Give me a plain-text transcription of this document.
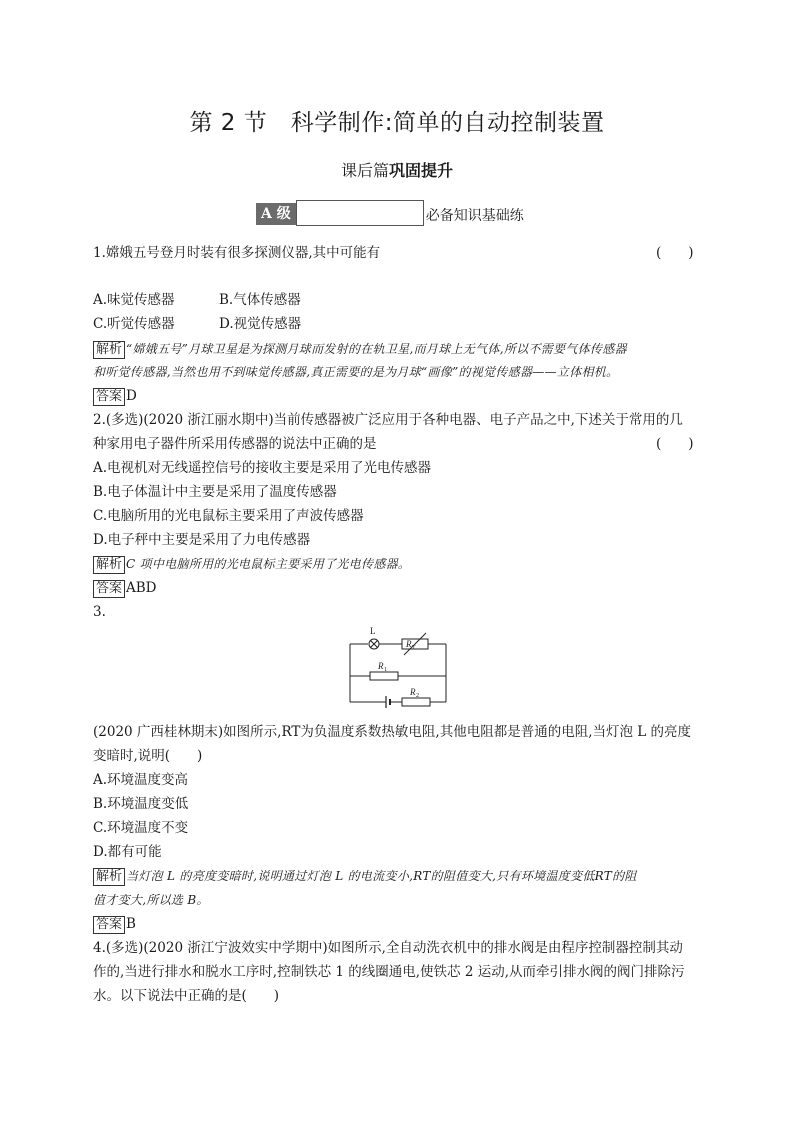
第 2 节　科学制作:简单的自动控制装置
课后篇巩固提升
A 级	必备知识基础练
1.嫦娥五号登月时装有很多探测仪器,其中可能有	(　　)
A.味觉传感器	B.气体传感器
C.听觉传感器	D.视觉传感器
解析 “嫦娥五号”月球卫星是为探测月球而发射的在轨卫星,而月球上无气体,所以不需要气体传感器
和听觉传感器,当然也用不到味觉传感器,真正需要的是为月球“画像”的视觉传感器——立体相机。
答案 D
2.(多选)(2020 浙江丽水期中)当前传感器被广泛应用于各种电器、电子产品之中,下述关于常用的几
种家用电子器件所采用传感器的说法中正确的是	(　　)
A.电视机对无线遥控信号的接收主要是采用了光电传感器
B.电子体温计中主要是采用了温度传感器
C.电脑所用的光电鼠标主要采用了声波传感器
D.电子秤中主要是采用了力电传感器
解析 C 项中电脑所用的光电鼠标主要采用了光电传感器。
答案 ABD
3.
L
R T
R 1
R 2
(2020 广西桂林期末)如图所示,RT为负温度系数热敏电阻,其他电阻都是普通的电阻,当灯泡 L 的亮度
变暗时,说明(　　)
A.环境温度变高
B.环境温度变低
C.环境温度不变
D.都有可能
解析 当灯泡 L 的亮度变暗时,说明通过灯泡 L 的电流变小,RT的阻值变大,只有环境温度变低RT的阻
值才变大,所以选 B。
答案 B
4.(多选)(2020 浙江宁波效实中学期中)如图所示,全自动洗衣机中的排水阀是由程序控制器控制其动
作的,当进行排水和脱水工序时,控制铁芯 1 的线圈通电,使铁芯 2 运动,从而牵引排水阀的阀门排除污
水。以下说法中正确的是(　　)
